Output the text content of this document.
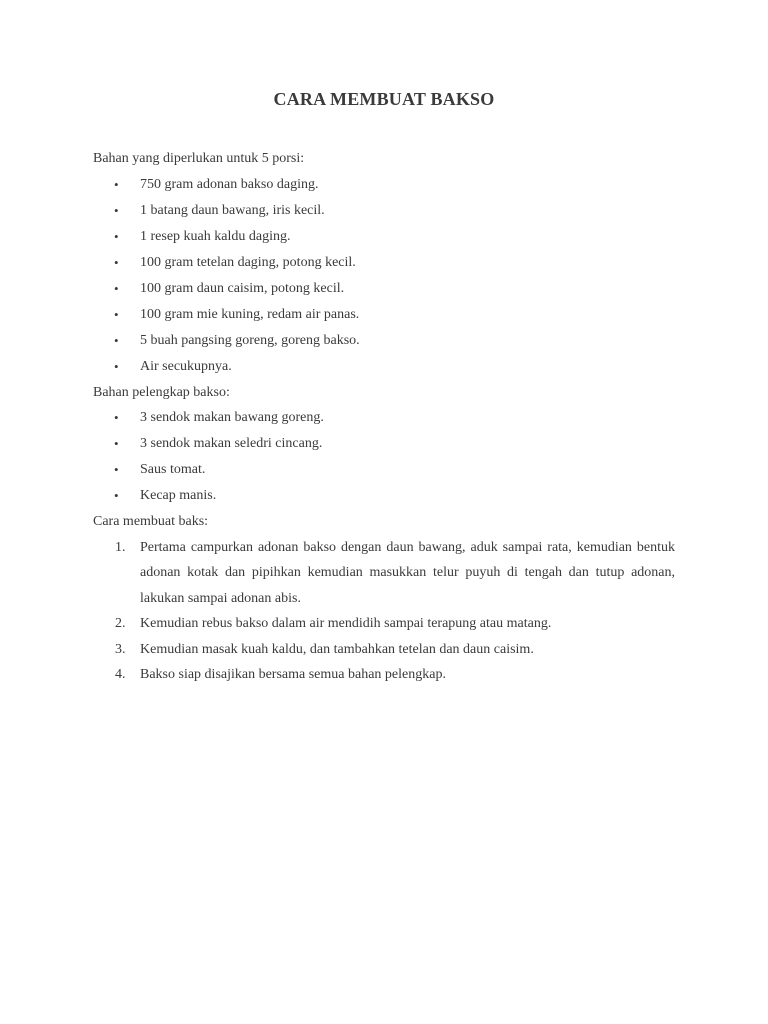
CARA MEMBUAT BAKSO

Bahan yang diperlukan untuk 5 porsi:

• 750 gram adonan bakso daging.
• 1 batang daun bawang, iris kecil.
• 1 resep kuah kaldu daging.
• 100 gram tetelan daging, potong kecil.
• 100 gram daun caisim, potong kecil.
• 100 gram mie kuning, redam air panas.
• 5 buah pangsing goreng, goreng bakso.
• Air secukupnya.

Bahan pelengkap bakso:

• 3 sendok makan bawang goreng.
• 3 sendok makan seledri cincang.
• Saus tomat.
• Kecap manis.

Cara membuat baks:

1. Pertama campurkan adonan bakso dengan daun bawang, aduk sampai rata, kemudian bentuk adonan kotak dan pipihkan kemudian masukkan telur puyuh di tengah dan tutup adonan, lakukan sampai adonan abis.
2. Kemudian rebus bakso dalam air mendidih sampai terapung atau matang.
3. Kemudian masak kuah kaldu, dan tambahkan tetelan dan daun caisim.
4. Bakso siap disajikan bersama semua bahan pelengkap.
